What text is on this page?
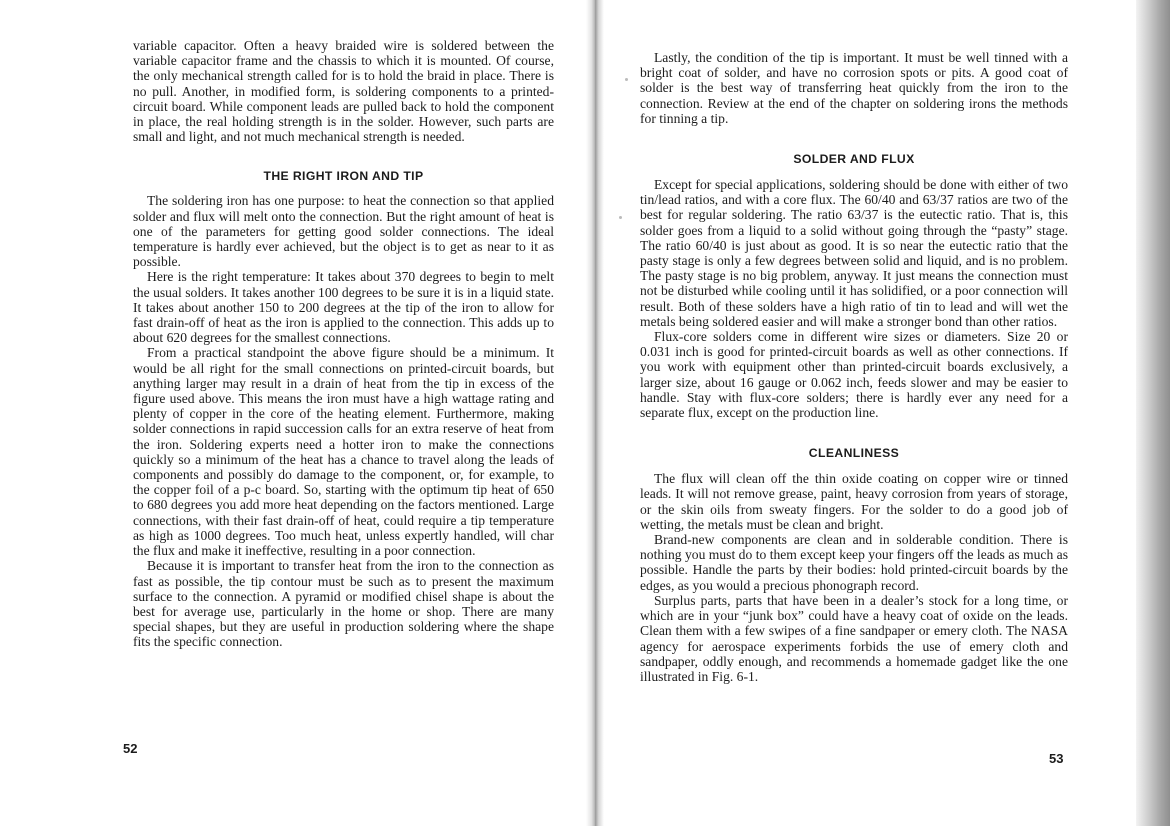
variable capacitor. Often a heavy braided wire is soldered between the variable capacitor frame and the chassis to which it is mounted. Of course, the only mechanical strength called for is to hold the braid in place. There is no pull. Another, in modified form, is soldering components to a printed-circuit board. While component leads are pulled back to hold the component in place, the real holding strength is in the solder. However, such parts are small and light, and not much mechanical strength is needed.

THE RIGHT IRON AND TIP

The soldering iron has one purpose: to heat the connection so that applied solder and flux will melt onto the connection. But the right amount of heat is one of the parameters for getting good solder connections. The ideal temperature is hardly ever achieved, but the object is to get as near to it as possible.

Here is the right temperature: It takes about 370 degrees to begin to melt the usual solders. It takes another 100 degrees to be sure it is in a liquid state. It takes about another 150 to 200 degrees at the tip of the iron to allow for fast drain-off of heat as the iron is applied to the connection. This adds up to about 620 degrees for the smallest connections.

From a practical standpoint the above figure should be a minimum. It would be all right for the small connections on printed-circuit boards, but anything larger may result in a drain of heat from the tip in excess of the figure used above. This means the iron must have a high wattage rating and plenty of copper in the core of the heating element. Furthermore, making solder connections in rapid succession calls for an extra reserve of heat from the iron. Soldering experts need a hotter iron to make the connections quickly so a minimum of the heat has a chance to travel along the leads of components and possibly do damage to the component, or, for example, to the copper foil of a p-c board. So, starting with the optimum tip heat of 650 to 680 degrees you add more heat depending on the factors mentioned. Large connections, with their fast drain-off of heat, could require a tip temperature as high as 1000 degrees. Too much heat, unless expertly handled, will char the flux and make it ineffective, resulting in a poor connection.

Because it is important to transfer heat from the iron to the connection as fast as possible, the tip contour must be such as to present the maximum surface to the connection. A pyramid or modified chisel shape is about the best for average use, particularly in the home or shop. There are many special shapes, but they are useful in production soldering where the shape fits the specific connection.

52

Lastly, the condition of the tip is important. It must be well tinned with a bright coat of solder, and have no corrosion spots or pits. A good coat of solder is the best way of transferring heat quickly from the iron to the connection. Review at the end of the chapter on soldering irons the methods for tinning a tip.

SOLDER AND FLUX

Except for special applications, soldering should be done with either of two tin/lead ratios, and with a core flux. The 60/40 and 63/37 ratios are two of the best for regular soldering. The ratio 63/37 is the eutectic ratio. That is, this solder goes from a liquid to a solid without going through the “pasty” stage. The ratio 60/40 is just about as good. It is so near the eutectic ratio that the pasty stage is only a few degrees between solid and liquid, and is no problem. The pasty stage is no big problem, anyway. It just means the connection must not be disturbed while cooling until it has solidified, or a poor connection will result. Both of these solders have a high ratio of tin to lead and will wet the metals being soldered easier and will make a stronger bond than other ratios.

Flux-core solders come in different wire sizes or diameters. Size 20 or 0.031 inch is good for printed-circuit boards as well as other connections. If you work with equipment other than printed-circuit boards exclusively, a larger size, about 16 gauge or 0.062 inch, feeds slower and may be easier to handle. Stay with flux-core solders; there is hardly ever any need for a separate flux, except on the production line.

CLEANLINESS

The flux will clean off the thin oxide coating on copper wire or tinned leads. It will not remove grease, paint, heavy corrosion from years of storage, or the skin oils from sweaty fingers. For the solder to do a good job of wetting, the metals must be clean and bright.

Brand-new components are clean and in solderable condition. There is nothing you must do to them except keep your fingers off the leads as much as possible. Handle the parts by their bodies: hold printed-circuit boards by the edges, as you would a precious phonograph record.

Surplus parts, parts that have been in a dealer’s stock for a long time, or which are in your “junk box” could have a heavy coat of oxide on the leads. Clean them with a few swipes of a fine sandpaper or emery cloth. The NASA agency for aerospace experiments forbids the use of emery cloth and sandpaper, oddly enough, and recommends a homemade gadget like the one illustrated in Fig. 6-1.

53
